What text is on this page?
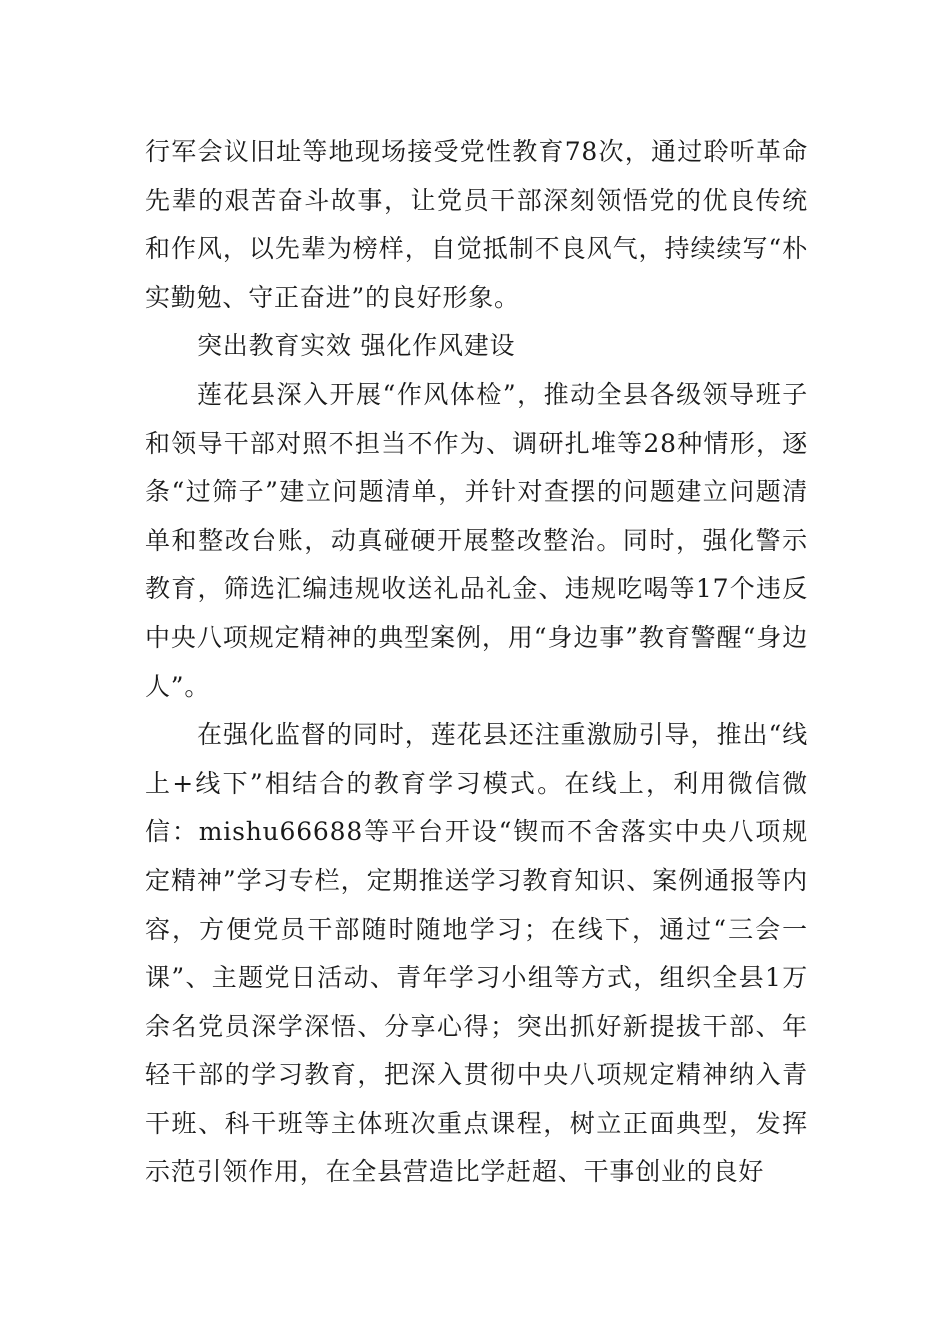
行军会议旧址等地现场接受党性教育78次，通过聆听革命先辈的艰苦奋斗故事，让党员干部深刻领悟党的优良传统和作风，以先辈为榜样，自觉抵制不良风气，持续续写“朴实勤勉、守正奋进”的良好形象。

突出教育实效 强化作风建设

莲花县深入开展“作风体检”，推动全县各级领导班子和领导干部对照不担当不作为、调研扎堆等28种情形，逐条“过筛子”建立问题清单，并针对查摆的问题建立问题清单和整改台账，动真碰硬开展整改整治。同时，强化警示教育，筛选汇编违规收送礼品礼金、违规吃喝等17个违反中央八项规定精神的典型案例，用“身边事”教育警醒“身边人”。

在强化监督的同时，莲花县还注重激励引导，推出“线上+线下”相结合的教育学习模式。在线上，利用微信微信：mishu66688等平台开设“锲而不舍落实中央八项规定精神”学习专栏，定期推送学习教育知识、案例通报等内容，方便党员干部随时随地学习；在线下，通过“三会一课”、主题党日活动、青年学习小组等方式，组织全县1万余名党员深学深悟、分享心得；突出抓好新提拔干部、年轻干部的学习教育，把深入贯彻中央八项规定精神纳入青干班、科干班等主体班次重点课程，树立正面典型，发挥示范引领作用，在全县营造比学赶超、干事创业的良好
